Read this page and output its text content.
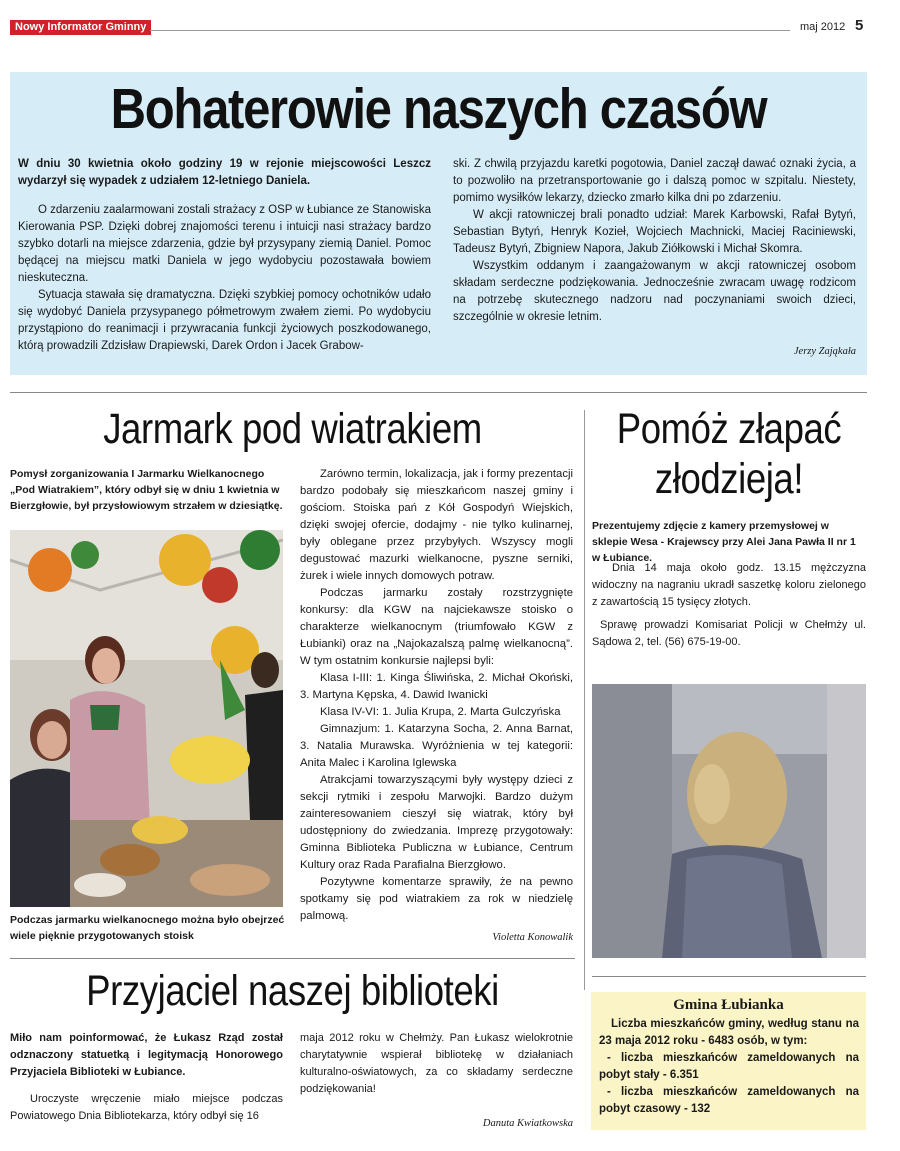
Nowy Informator Gminny	maj 2012 5
Bohaterowie naszych czasów

W dniu 30 kwietnia około godziny 19 w rejonie miejscowości Leszcz wydarzył się wypadek z udziałem 12-letniego Daniela.

O zdarzeniu zaalarmowani zostali strażacy z OSP w Łubiance ze Stanowiska Kierowania PSP. Dzięki dobrej znajomości terenu i intuicji nasi strażacy bardzo szybko dotarli na miejsce zdarzenia, gdzie był przysypany ziemią Daniel. Pomoc będącej na miejscu matki Daniela w jego wydobyciu pozostawała bowiem nieskuteczna.

Sytuacja stawała się dramatyczna. Dzięki szybkiej pomocy ochotników udało się wydobyć Daniela przysypanego półmetrowym zwałem ziemi. Po wydobyciu przystąpiono do reanimacji i przywracania funkcji życiowych poszkodowanego, którą prowadzili Zdzisław Drapiewski, Darek Ordon i Jacek Grabow-

ski. Z chwilą przyjazdu karetki pogotowia, Daniel zaczął dawać oznaki życia, a to pozwoliło na przetransportowanie go i dalszą pomoc w szpitalu. Niestety, pomimo wysiłków lekarzy, dziecko zmarło kilka dni po zdarzeniu.

W akcji ratowniczej brali ponadto udział: Marek Karbowski, Rafał Bytyń, Sebastian Bytyń, Henryk Kozieł, Wojciech Machnicki, Maciej Raciniewski, Tadeusz Bytyń, Zbigniew Napora, Jakub Ziółkowski i Michał Skomra.

Wszystkim oddanym i zaangażowanym w akcji ratowniczej osobom składam serdeczne podziękowania. Jednocześnie zwracam uwagę rodzicom na potrzebę skutecznego nadzoru nad poczynaniami swoich dzieci, szczególnie w okresie letnim.

Jerzy Zająkała
Jarmark pod wiatrakiem
Pomysł zorganizowania I Jarmarku Wielkanocnego „Pod Wiatrakiem”, który odbył się w dniu 1 kwietnia w Bierzgłowie, był przysłowiowym strzałem w dziesiątkę.
Podczas jarmarku wielkanocnego można było obejrzeć wiele pięknie przygotowanych stoisk

Zarówno termin, lokalizacja, jak i formy prezentacji bardzo podobały się mieszkańcom naszej gminy i gościom. Stoiska pań z Kół Gospodyń Wiejskich, dzięki swojej ofercie, dodajmy - nie tylko kulinarnej, były oblegane przez przybyłych. Wszyscy mogli degustować mazurki wielkanocne, pyszne serniki, żurek i wiele innych domowych potraw.

Podczas jarmarku zostały rozstrzygnięte konkursy: dla KGW na najciekawsze stoisko o charakterze wielkanocnym (triumfowało KGW z Łubianki) oraz na „Najokazalszą palmę wielkanocną”. W tym ostatnim konkursie najlepsi byli:

Klasa I-III: 1. Kinga Śliwińska, 2. Michał Okoński, 3. Martyna Kępska, 4. Dawid Iwanicki

Klasa IV-VI: 1. Julia Krupa, 2. Marta Gulczyńska

Gimnazjum: 1. Katarzyna Socha, 2. Anna Barnat, 3. Natalia Murawska. Wyróżnienia w tej kategorii: Anita Malec i Karolina Iglewska

Atrakcjami towarzyszącymi były występy dzieci z sekcji rytmiki i zespołu Marwojki. Bardzo dużym zainteresowaniem cieszył się wiatrak, który był udostępniony do zwiedzania. Imprezę przygotowały: Gminna Biblioteka Publiczna w Łubiance, Centrum Kultury oraz Rada Parafialna Bierzgłowo.

Pozytywne komentarze sprawiły, że na pewno spotkamy się pod wiatrakiem za rok w niedzielę palmową.

Violetta Konowalik
Pomóż złapać
złodzieja!
Prezentujemy zdjęcie z kamery przemysłowej w sklepie Wesa - Krajewscy przy Alei Jana Pawła II nr 1 w Łubiance.

Dnia 14 maja około godz. 13.15 mężczyzna widoczny na nagraniu ukradł saszetkę koloru zielonego z zawartością 15 tysięcy złotych.

Sprawę prowadzi Komisariat Policji w Chełmży ul. Sądowa 2, tel. (56) 675-19-00.

Gmina Łubianka

Liczba mieszkańców gminy, według stanu na 23 maja 2012 roku - 6483 osób, w tym:

- liczba mieszkańców zameldowanych na pobyt stały - 6.351

- liczba mieszkańców zameldowanych na pobyt czasowy - 132

Przyjaciel naszej biblioteki

Miło nam poinformować, że Łukasz Rząd został odznaczony statuetką i legitymacją Honorowego Przyjaciela Biblioteki w Łubiance.

Uroczyste wręczenie miało miejsce podczas Powiatowego Dnia Bibliotekarza, który odbył się 16

maja 2012 roku w Chełmży. Pan Łukasz wielokrotnie charytatywnie wspierał bibliotekę w działaniach kulturalno-oświatowych, za co składamy serdeczne podziękowania!

Danuta Kwiatkowska
